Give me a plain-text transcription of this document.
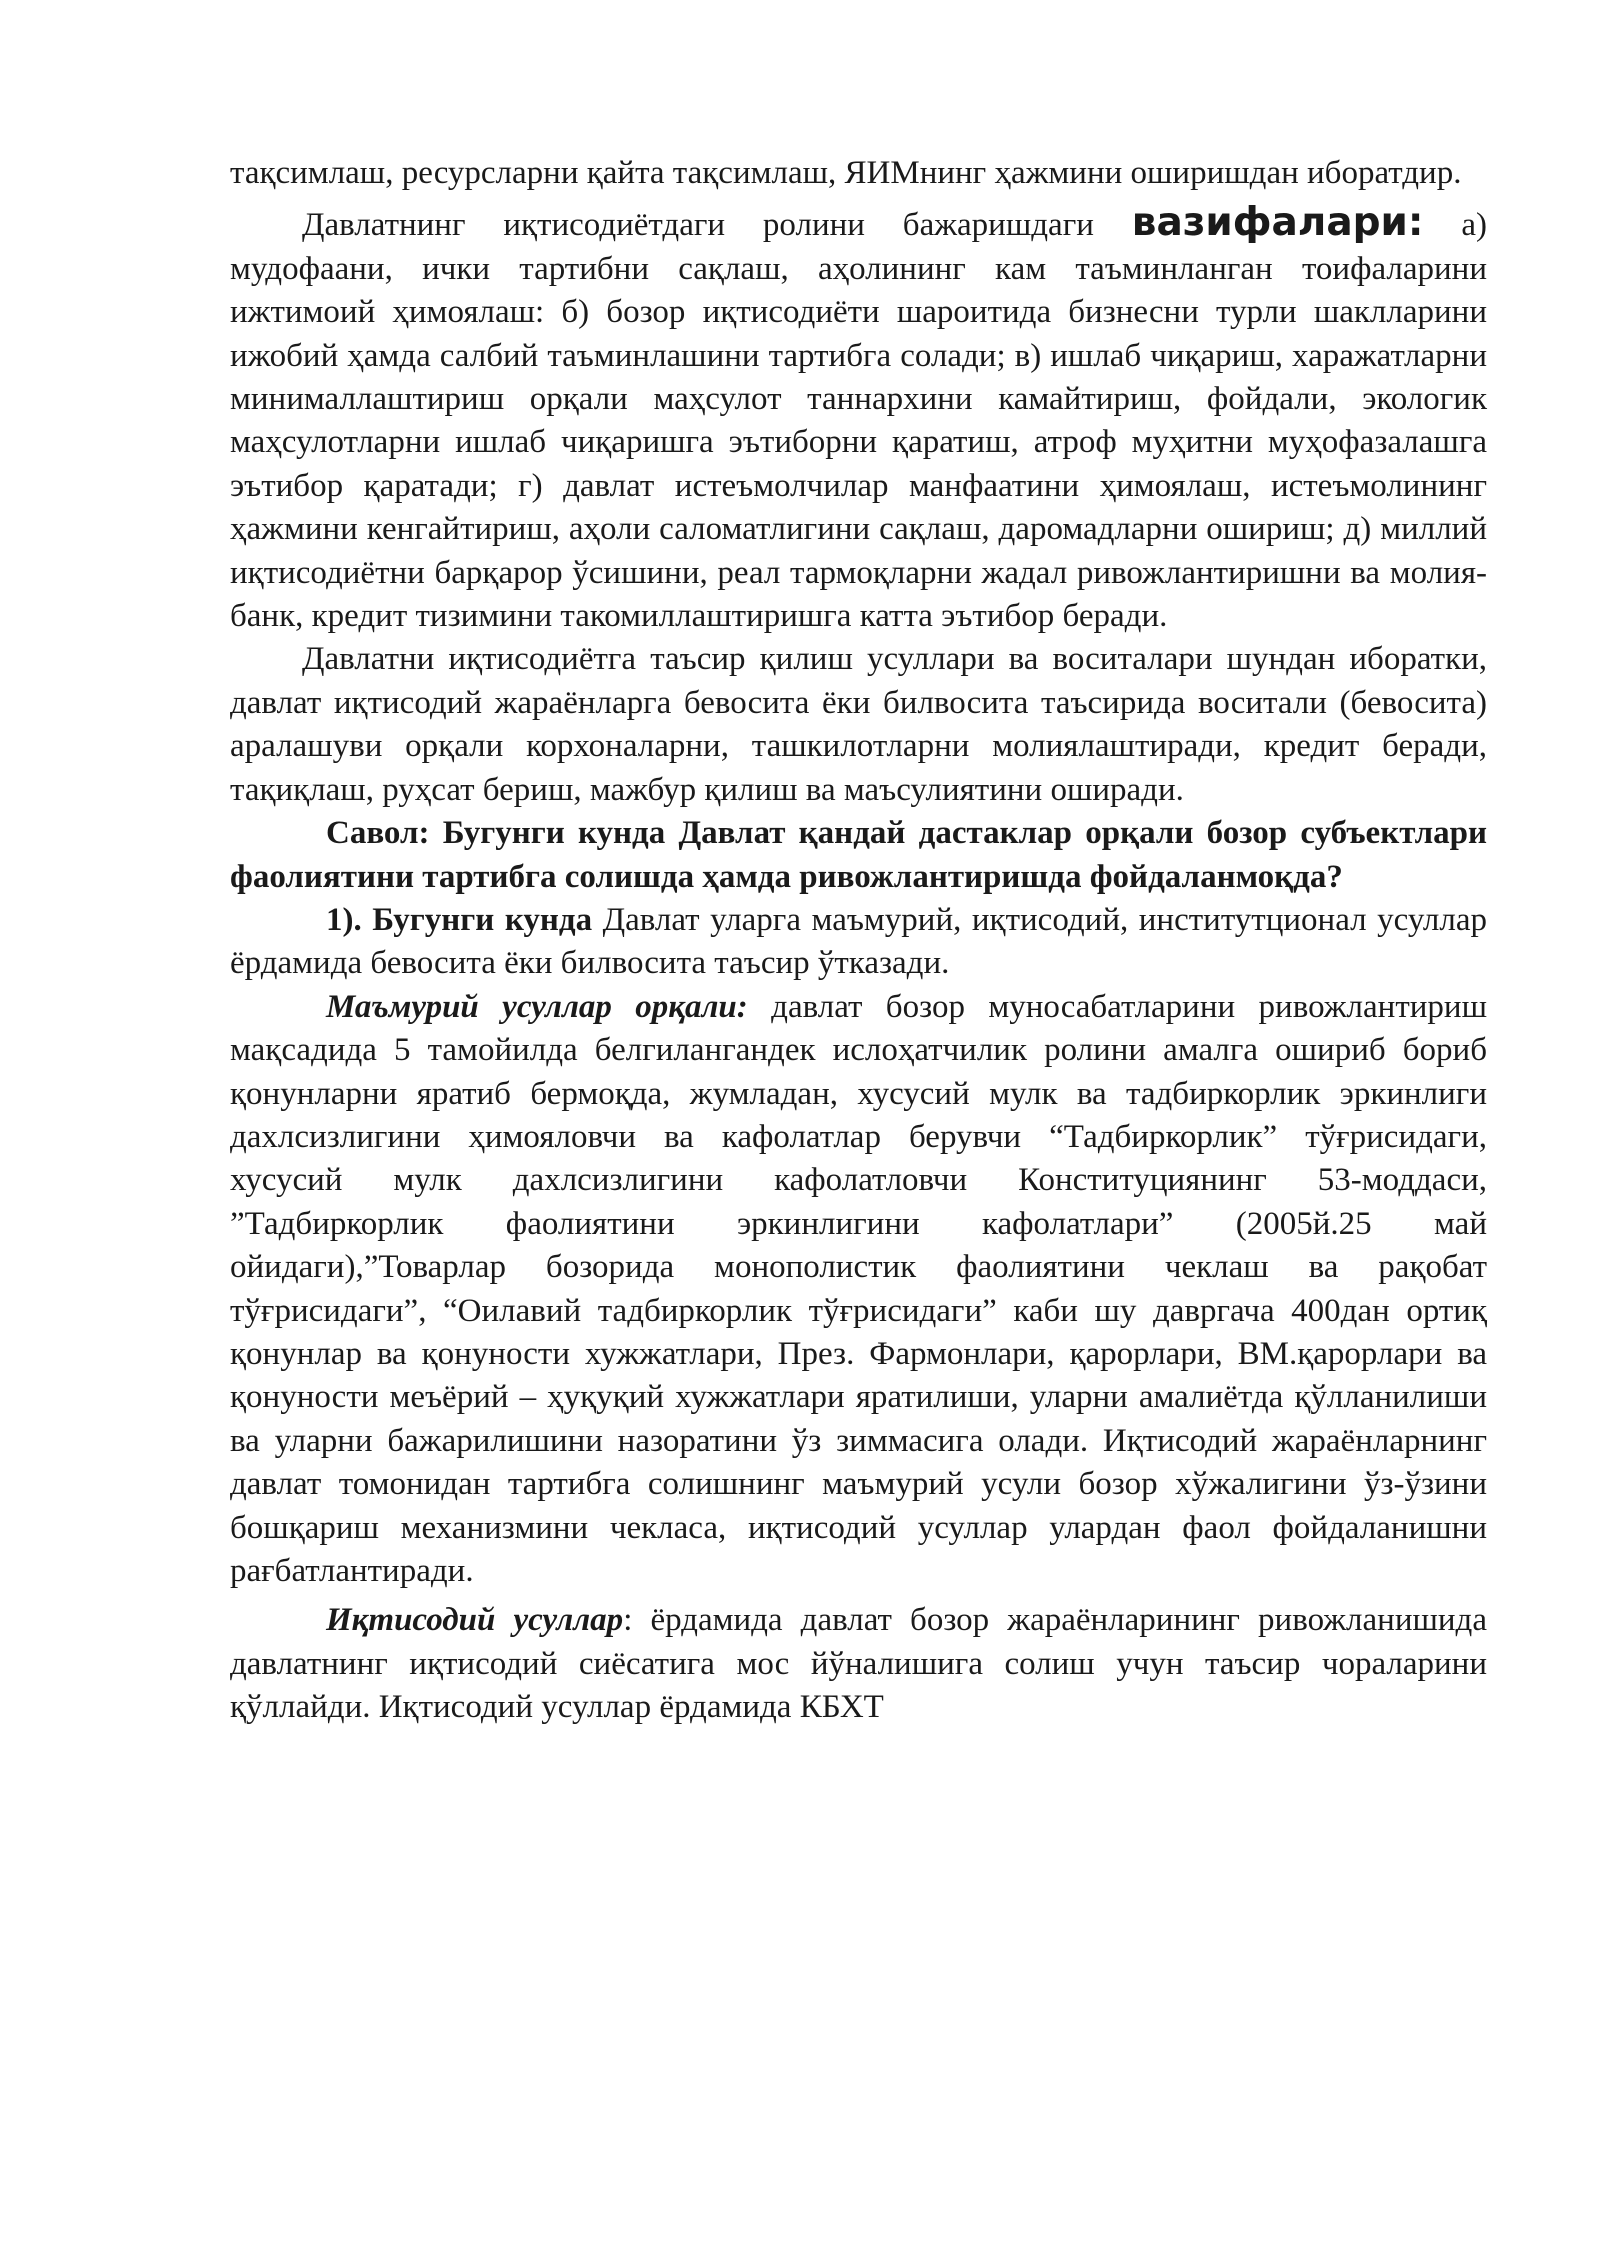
тақсимлаш, ресурсларни қайта тақсимлаш, ЯИМнинг ҳажмини оширишдан иборатдир.

Давлатнинг иқтисодиётдаги ролини бажаришдаги вазифалари: а) мудофаани, ички тартибни сақлаш, аҳолининг кам таъминланган тоифаларини ижтимоий ҳимоялаш: б) бозор иқтисодиёти шароитида бизнесни турли шаклларини ижобий ҳамда салбий таъминлашини тартибга солади; в) ишлаб чиқариш, харажатларни минималлаштириш орқали маҳсулот таннархини камайтириш, фойдали, экологик маҳсулотларни ишлаб чиқаришга эътиборни қаратиш, атроф муҳитни муҳофазалашга эътибор қаратади; г) давлат истеъмолчилар манфаатини ҳимоялаш, истеъмолининг ҳажмини кенгайтириш, аҳоли саломатлигини сақлаш, даромадларни ошириш; д) миллий иқтисодиётни барқарор ўсишини, реал тармоқларни жадал ривожлантиришни ва молия-банк, кредит тизимини такомиллаштиришга катта эътибор беради.

Давлатни иқтисодиётга таъсир қилиш усуллари ва воситалари шундан иборатки, давлат иқтисодий жараёнларга бевосита ёки билвосита таъсирида воситали (бевосита) аралашуви орқали корхоналарни, ташкилотларни молиялаштиради, кредит беради, тақиқлаш, руҳсат бериш, мажбур қилиш ва маъсулиятини оширади.

Савол: Бугунги кунда Давлат қандай дастаклар орқали бозор субъектлари фаолиятини тартибга солишда ҳамда ривожлантиришда фойдаланмоқда?

1). Бугунги кунда Давлат уларга маъмурий, иқтисодий, институтционал усуллар ёрдамида бевосита ёки билвосита таъсир ўтказади.

Маъмурий усуллар орқали: давлат бозор муносабатларини ривожлантириш мақсадида 5 тамойилда белгилангандек ислоҳатчилик ролини амалга ошириб бориб қонунларни яратиб бермоқда, жумладан, хусусий мулк ва тадбиркорлик эркинлиги дахлсизлигини ҳимояловчи ва кафолатлар берувчи “Тадбиркорлик” тўғрисидаги, хусусий мулк дахлсизлигини кафолатловчи Конституциянинг 53-моддаси, ”Тадбиркорлик фаолиятини эркинлигини кафолатлари” (2005й.25 май ойидаги),”Товарлар бозорида монополистик фаолиятини чеклаш ва рақобат тўғрисидаги”, “Оилавий тадбиркорлик тўғрисидаги” каби шу давргача 400дан ортиқ қонунлар ва қонуности хужжатлари, През. Фармонлари, қарорлари, ВМ.қарорлари ва қонуности меъёрий – ҳуқуқий хужжатлари яратилиши, уларни амалиётда қўлланилиши ва уларни бажарилишини назоратини ўз зиммасига олади. Иқтисодий жараёнларнинг давлат томонидан тартибга солишнинг маъмурий усули бозор хўжалигини ўз-ўзини бошқариш механизмини чекласа, иқтисодий усуллар улардан фаол фойдаланишни рағбатлантиради.

Иқтисодий усуллар: ёрдамида давлат бозор жараёнларининг ривожланишида давлатнинг иқтисодий сиёсатига мос йўналишига солиш учун таъсир чораларини қўллайди. Иқтисодий усуллар ёрдамида КБХТ
